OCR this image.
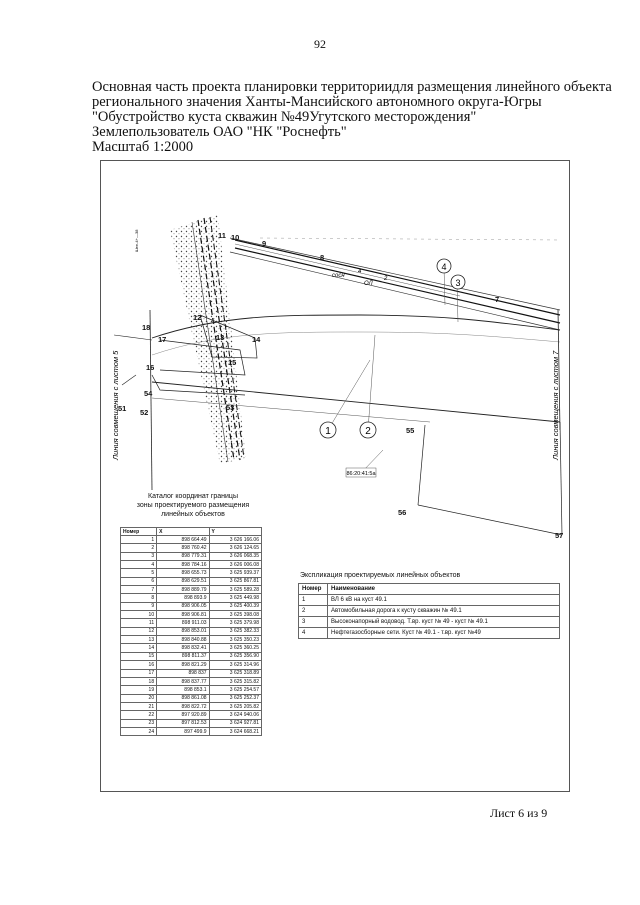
92
Основная часть проекта планировки территориидля размещения линейного объекта
регионального значения Ханты-Мансийского автономного округа-Югры
"Обустройство куста скважин №49Угутского месторождения"
Землепользователь ОАО "НК "Роснефть"
Масштаб 1:2000
1	2
3
4
11 10
9
8
7
12
13	14
15
18
17
16
54
51 52
53
55
56
57
сосн
4
2
ОЛ
Шен-4+—38
Линия совмещения с листом 5	Линия совмещения с листом 7
86:20:41:5а
Каталог координат границы
зоны проектируемого размещения
линейных объектов
Номер	X	Y
1	898 664.49	3 626 166.06
2	898 760.42	3 626 124.65
3	898 779.31	3 626 068.35
4	898 784.16	3 626 006.08
5	898 655.73	3 625 939.37
6	898 629.51	3 625 867.81
7	898 889.79	3 625 589.28
8	898 893.9	3 625 449.98
9	898 906.05	3 625 400.39
10	898 906.81	3 625 398.08
11	898 911.03	3 625 379.98
12	898 853.01	3 625 382.33
13	898 840.88	3 625 350.23
14	898 832.41	3 625 360.25
15	898 811.37	3 625 356.90
16	898 821.29	3 625 314.96
17	898 837	3 625 318.89
18	898 837.77	3 625 315.82
19	898 853.1	3 625 254.57
20	898 861.08	3 625 252.37
21	898 822.72	3 625 205.82
22	897 920.89	3 624 940.06
23	897 812.53	3 624 927.81
24	897 499.9	3 624 668.21
Экспликация проектируемых линейных объектов
Номер	Наименование
1	ВЛ 6 кВ на куст 49.1
2	Автомобильная дорога к кусту скважин № 49.1
3	Высоконапорный водовод. Т.вр. куст № 49 - куст № 49.1
4	Нефтегазосборные сети. Куст № 49.1 - т.вр. куст №49
Лист 6 из 9
